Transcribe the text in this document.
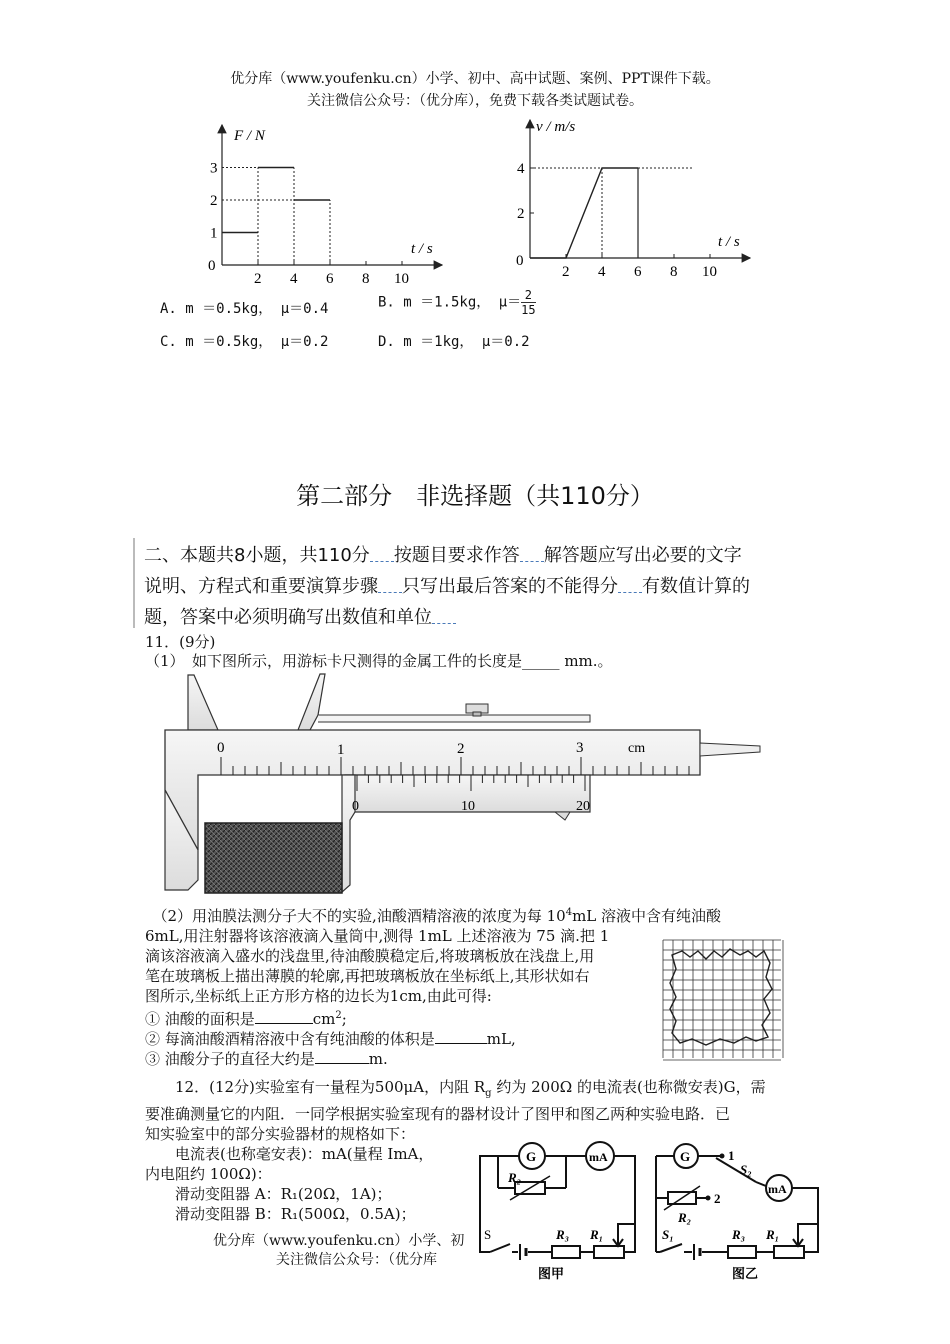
优分库（www.youfenku.cn）小学、初中、高中试题、案例、PPT课件下载。
关注微信公众号：（优分库），免费下载各类试题试卷。
F / N
3
2
1
2 4 6 8 10
t / s
0
v / m/s
4
2
2 4 6 8 10
t / s
0
A. m ＝0.5kg， μ＝0.4	B. m ＝1.5kg， $\mu= \frac{2}{15}$
C. m ＝0.5kg， μ＝0.2	D. m ＝1kg， μ＝0.2
第二部分　非选择题（共110分）
二、本题共8小题，共110分 按题目要求作答 解答题应写出必要的文字
说明、方程式和重要演算步骤 只写出最后答案的不能得分 有数值计算的
题，答案中必须明确写出数值和单位
11．(9分)
（1）　如下图所示，用游标卡尺测得的金属工件的长度是_____ mm.。
0	1	2	3	cm
0	10	20
　（2）用油膜法测分子大不的实验,油酸酒精溶液的浓度为每 $10^4mL$ 溶液中含有纯油酸
6mL,用注射器将该溶液滴入量筒中,测得 1mL 上述溶液为 75 滴.把 1
滴该溶液滴入盛水的浅盘里,待油酸膜稳定后,将玻璃板放在浅盘上,用
笔在玻璃板上描出薄膜的轮廓,再把玻璃板放在坐标纸上,其形状如右
图所示,坐标纸上正方形方格的边长为1cm,由此可得:
① 油酸的面积是	$cm^2$;
② 每滴油酸酒精溶液中含有纯油酸的体积是	mL,
③ 油酸分子的直径大约是	m.
　　12．(12分)实验室有一量程为500μA，内阻 $R_g$ 约为 200Ω 的电流表(也称微安表)G，需
要准确测量它的内阻．一同学根据实验室现有的器材设计了图甲和图乙两种实验电路．已
知实验室中的部分实验器材的规格如下：
　　电流表(也称毫安表)：mA(量程 ImA，
内电阻约 100Ω)：
　　滑动变阻器 A：R₁(20Ω，1A)；
　　滑动变阻器 B：R₁(500Ω，0.5A)；
G	mA
R₂
S	R₃ R₁
图甲
G	1
R₂
2
S₂
mA
S₁	R₃ R₁
图乙
优分库（www.youfenku.cn）小学、初
关注微信公众号：（优分库
